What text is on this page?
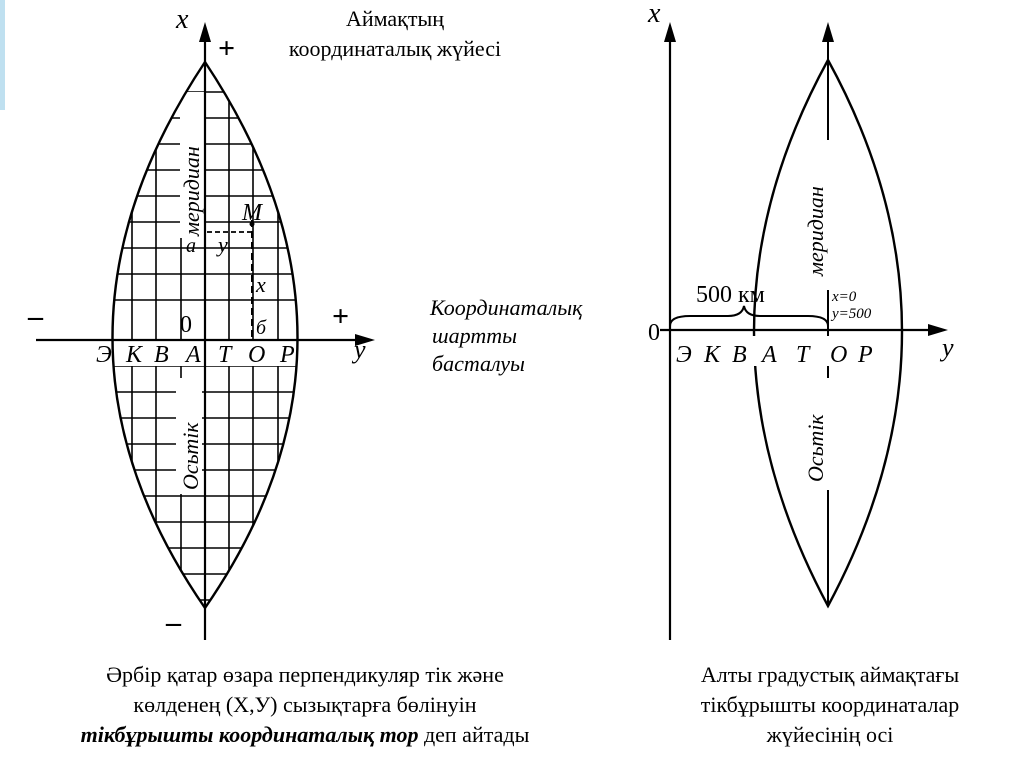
x
+
+
–
–
y
меридиан
Осьтік
0
M
а у
х
б
Э К В А Т О Р
Координаталық
шартты
басталуы
x
y
0
500 км	x=0
y=500
меридиан
Осьтік
Э К В А Т О Р
Аймақтың
координаталық жүйесі
Әрбір қатар өзара перпендикуляр тік және
көлденең (Х,У) сызықтарға бөлінуін
тікбұрышты координаталық тор деп айтады
Алты градустық аймақтағы
тікбұрышты координаталар
жүйесінің осі
